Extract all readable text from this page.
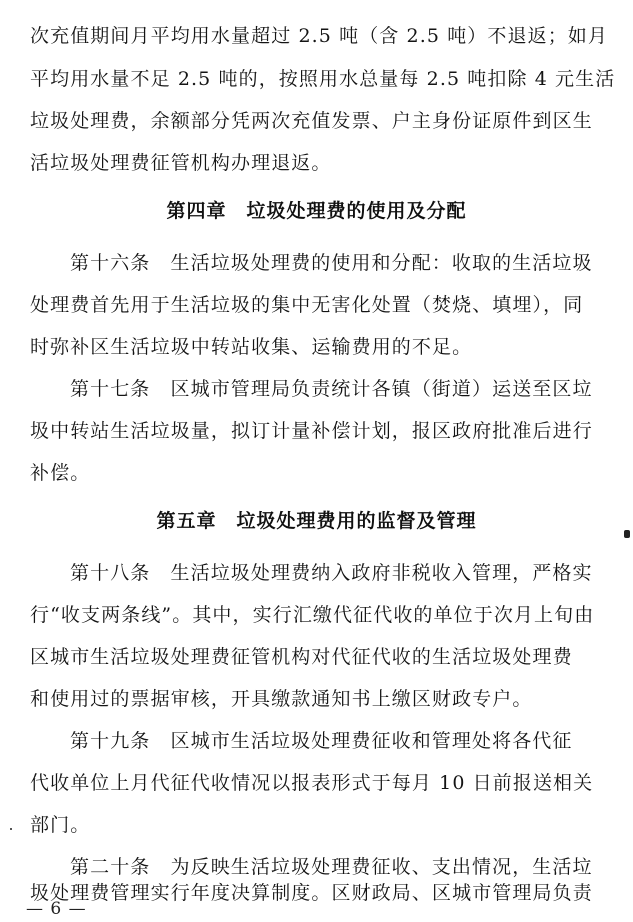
次充值期间月平均用水量超过 2.5 吨（含 2.5 吨）不退返；如月
平均用水量不足 2.5 吨的，按照用水总量每 2.5 吨扣除 4 元生活
垃圾处理费，余额部分凭两次充值发票、户主身份证原件到区生
活垃圾处理费征管机构办理退返。
第四章　垃圾处理费的使用及分配
第十六条　生活垃圾处理费的使用和分配：收取的生活垃圾
处理费首先用于生活垃圾的集中无害化处置（焚烧、填埋），同
时弥补区生活垃圾中转站收集、运输费用的不足。
第十七条　区城市管理局负责统计各镇（街道）运送至区垃
圾中转站生活垃圾量，拟订计量补偿计划，报区政府批准后进行
补偿。
第五章　垃圾处理费用的监督及管理
第十八条　生活垃圾处理费纳入政府非税收入管理，严格实
行“收支两条线”。其中，实行汇缴代征代收的单位于次月上旬由
区城市生活垃圾处理费征管机构对代征代收的生活垃圾处理费
和使用过的票据审核，开具缴款通知书上缴区财政专户。
第十九条　区城市生活垃圾处理费征收和管理处将各代征
代收单位上月代征代收情况以报表形式于每月 10 日前报送相关
部门。
第二十条　为反映生活垃圾处理费征收、支出情况，生活垃
圾处理费管理实行年度决算制度。区财政局、区城市管理局负责
— 6 —
